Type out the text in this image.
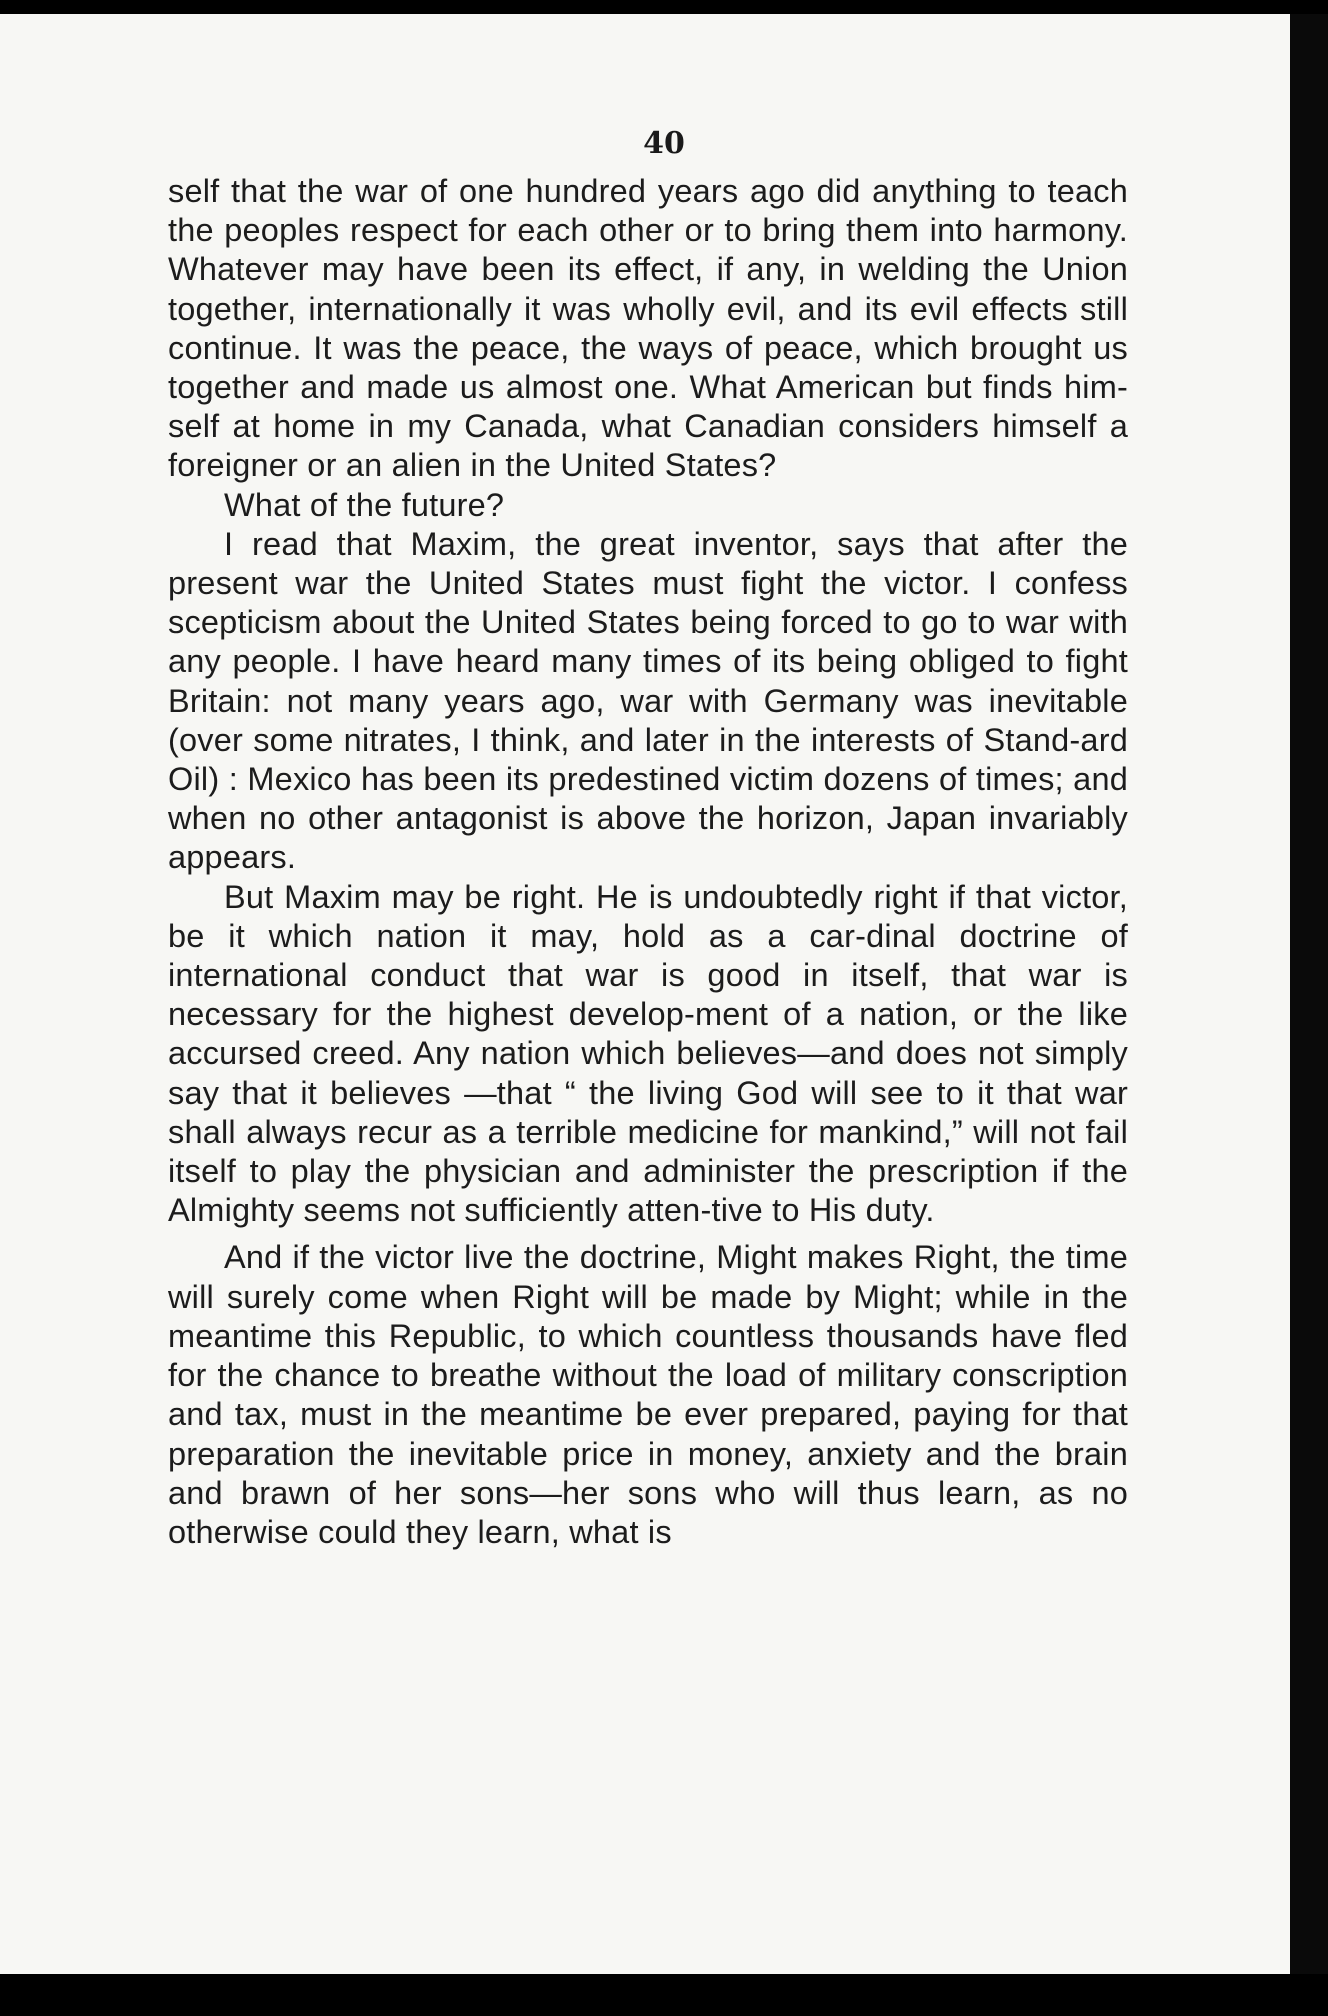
40

self that the war of one hundred years ago did anything to teach the peoples respect for each other or to bring them into harmony. Whatever may have been its effect, if any, in welding the Union together, internationally it was wholly evil, and its evil effects still continue. It was the peace, the ways of peace, which brought us together and made us almost one. What American but finds him-self at home in my Canada, what Canadian considers himself a foreigner or an alien in the United States?

What of the future?

I read that Maxim, the great inventor, says that after the present war the United States must fight the victor. I confess scepticism about the United States being forced to go to war with any people. I have heard many times of its being obliged to fight Britain: not many years ago, war with Germany was inevitable (over some nitrates, I think, and later in the interests of Stand-ard Oil) : Mexico has been its predestined victim dozens of times; and when no other antagonist is above the horizon, Japan invariably appears.

But Maxim may be right. He is undoubtedly right if that victor, be it which nation it may, hold as a car-dinal doctrine of international conduct that war is good in itself, that war is necessary for the highest develop-ment of a nation, or the like accursed creed. Any nation which believes—and does not simply say that it believes —that “ the living God will see to it that war shall always recur as a terrible medicine for mankind,” will not fail itself to play the physician and administer the prescription if the Almighty seems not sufficiently atten-tive to His duty.

And if the victor live the doctrine, Might makes Right, the time will surely come when Right will be made by Might; while in the meantime this Republic, to which countless thousands have fled for the chance to breathe without the load of military conscription and tax, must in the meantime be ever prepared, paying for that preparation the inevitable price in money, anxiety and the brain and brawn of her sons—her sons who will thus learn, as no otherwise could they learn, what is
